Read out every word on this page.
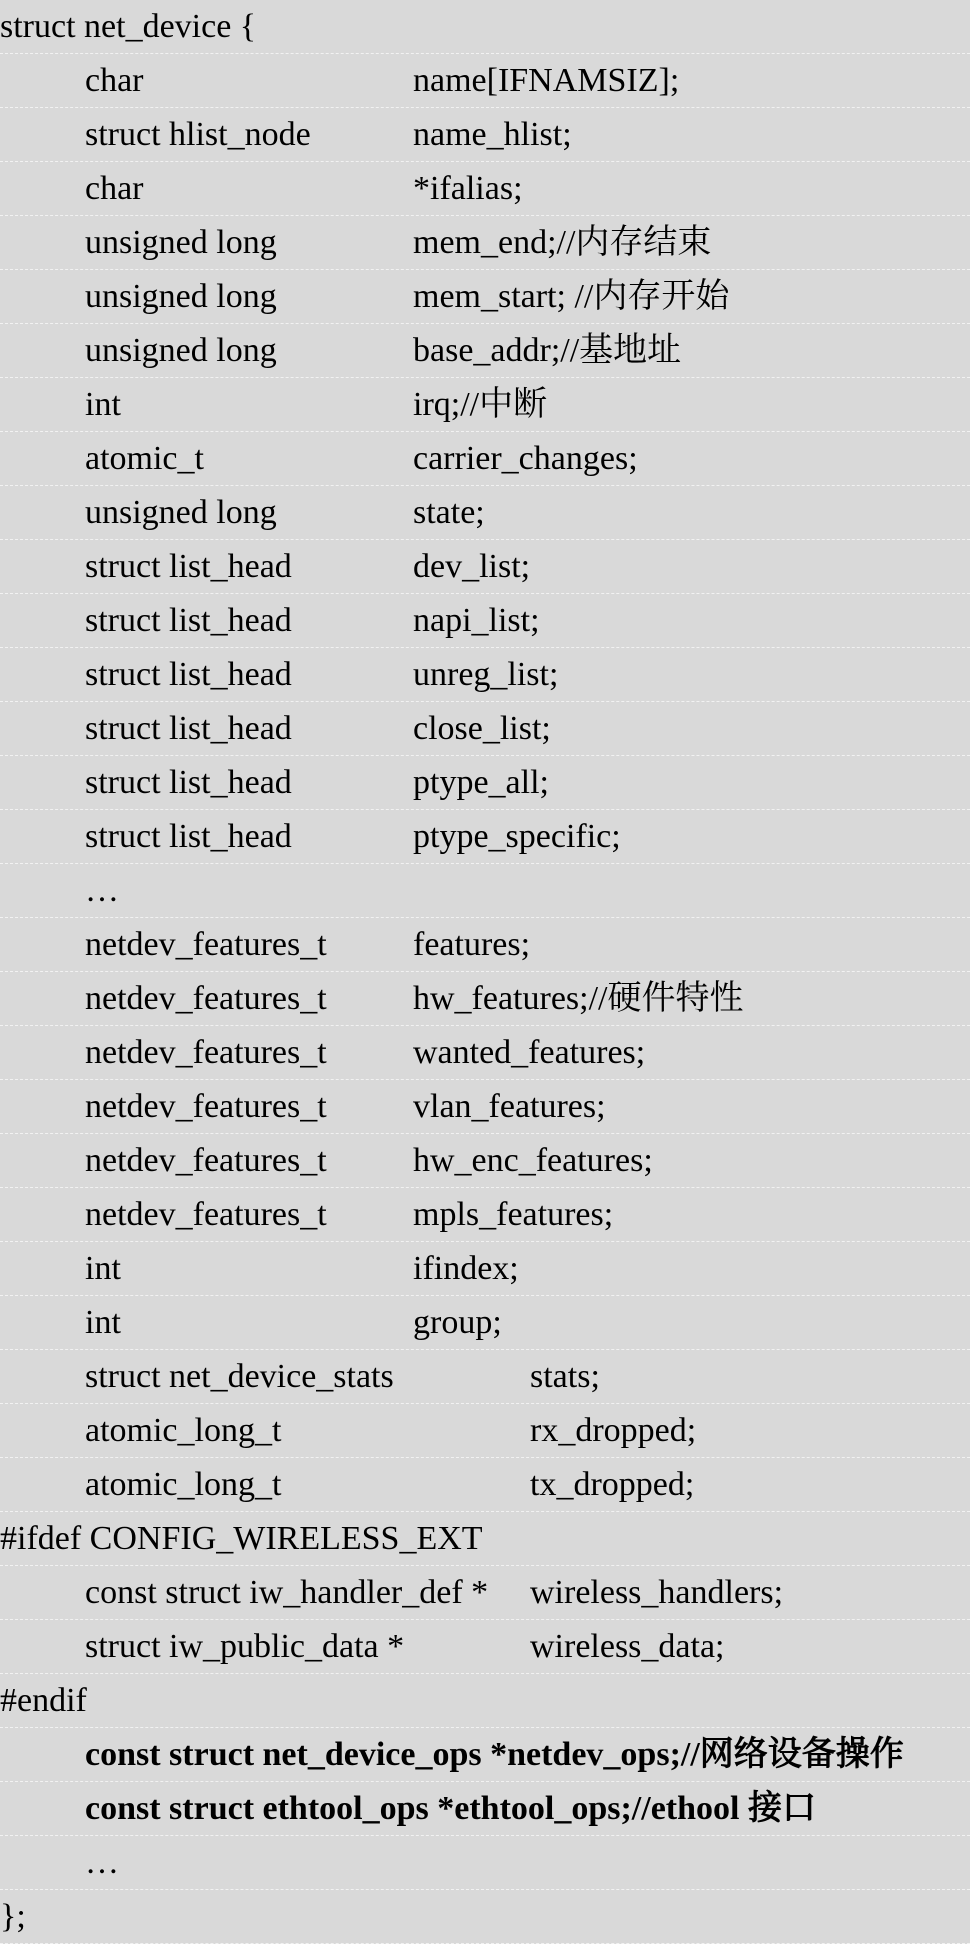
struct net_device {
char	name[IFNAMSIZ];
struct hlist_node	name_hlist;
char	*ifalias;
unsigned long	mem_end;//内存结束
unsigned long	mem_start; //内存开始
unsigned long	base_addr;//基地址
int	irq;//中断
atomic_t	carrier_changes;
unsigned long	state;
struct list_head	dev_list;
struct list_head	napi_list;
struct list_head	unreg_list;
struct list_head	close_list;
struct list_head	ptype_all;
struct list_head	ptype_specific;
…
netdev_features_t	features;
netdev_features_t	hw_features;//硬件特性
netdev_features_t	wanted_features;
netdev_features_t	vlan_features;
netdev_features_t	hw_enc_features;
netdev_features_t	mpls_features;
int	ifindex;
int	group;
struct net_device_stats	stats;
atomic_long_t	rx_dropped;
atomic_long_t	tx_dropped;
#ifdef CONFIG_WIRELESS_EXT
const struct iw_handler_def * wireless_handlers;
struct iw_public_data *	wireless_data;
#endif
const struct net_device_ops *netdev_ops;//网络设备操作
const struct ethtool_ops *ethtool_ops;//ethool 接口
…
};
